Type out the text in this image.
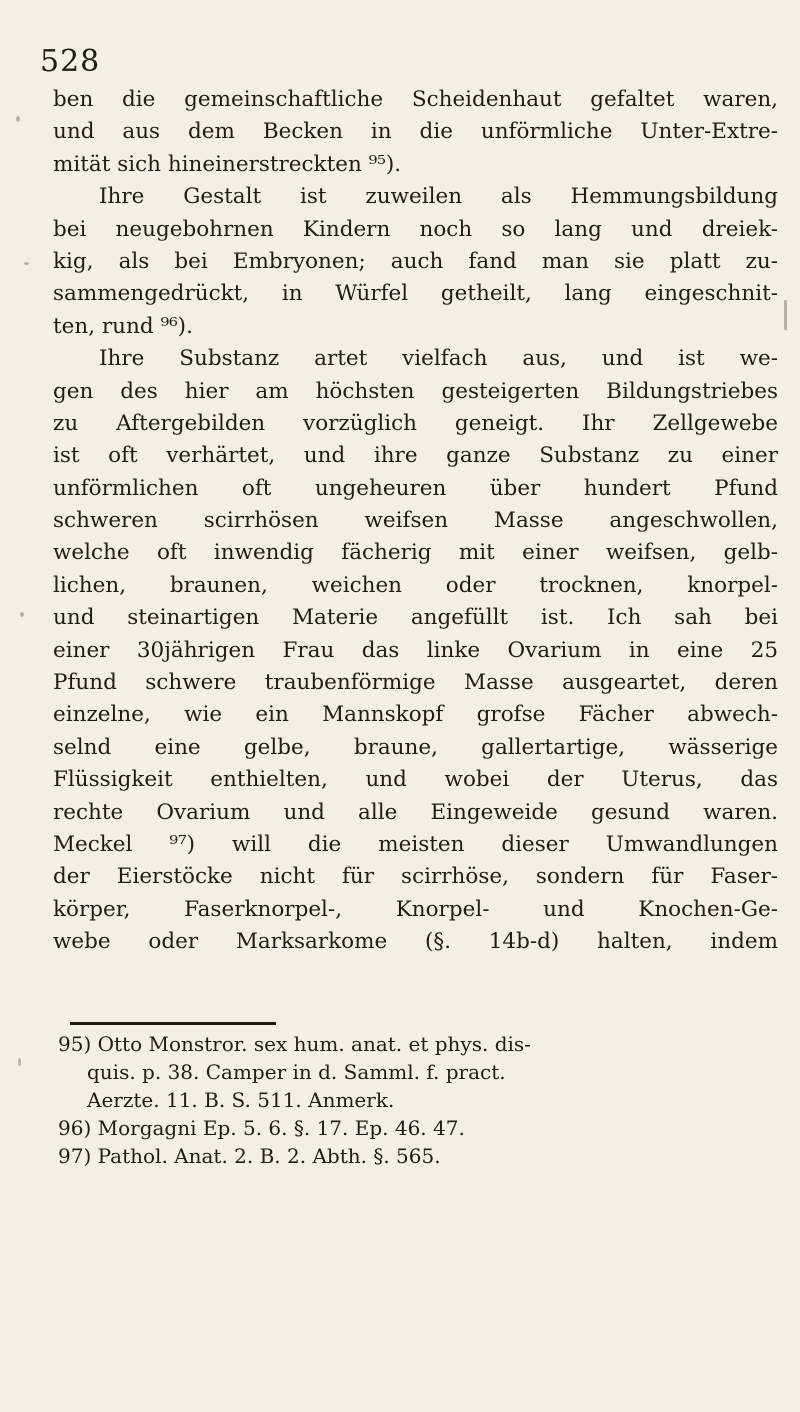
528
ben die gemeinschaftliche Scheidenhaut gefaltet waren,
und aus dem Becken in die unförmliche Unter-Extre-
mität sich hineinerstreckten ⁹⁵).
Ihre Gestalt ist zuweilen als Hemmungsbildung
bei neugebohrnen Kindern noch so lang und dreiek-
kig, als bei Embryonen; auch fand man sie platt zu-
sammengedrückt, in Würfel getheilt, lang eingeschnit-
ten, rund ⁹⁶).
Ihre Substanz artet vielfach aus, und ist we-
gen des hier am höchsten gesteigerten Bildungstriebes
zu Aftergebilden vorzüglich geneigt. Ihr Zellgewebe
ist oft verhärtet, und ihre ganze Substanz zu einer
unförmlichen oft ungeheuren über hundert Pfund
schweren scirrhösen weifsen Masse angeschwollen,
welche oft inwendig fächerig mit einer weifsen, gelb-
lichen, braunen, weichen oder trocknen, knorpel-
und steinartigen Materie angefüllt ist. Ich sah bei
einer 30jährigen Frau das linke Ovarium in eine 25
Pfund schwere traubenförmige Masse ausgeartet, deren
einzelne, wie ein Mannskopf grofse Fächer abwech-
selnd eine gelbe, braune, gallertartige, wässerige
Flüssigkeit enthielten, und wobei der Uterus, das
rechte Ovarium und alle Eingeweide gesund waren.
Meckel ⁹⁷) will die meisten dieser Umwandlungen
der Eierstöcke nicht für scirrhöse, sondern für Faser-
körper, Faserknorpel-, Knorpel- und Knochen-Ge-
webe oder Marksarkome (§. 14b-d) halten, indem
95) Otto Monstror. sex hum. anat. et phys. dis-
quis. p. 38. Camper in d. Samml. f. pract.
Aerzte. 11. B. S. 511. Anmerk.
96) Morgagni Ep. 5. 6. §. 17. Ep. 46. 47.
97) Pathol. Anat. 2. B. 2. Abth. §. 565.
